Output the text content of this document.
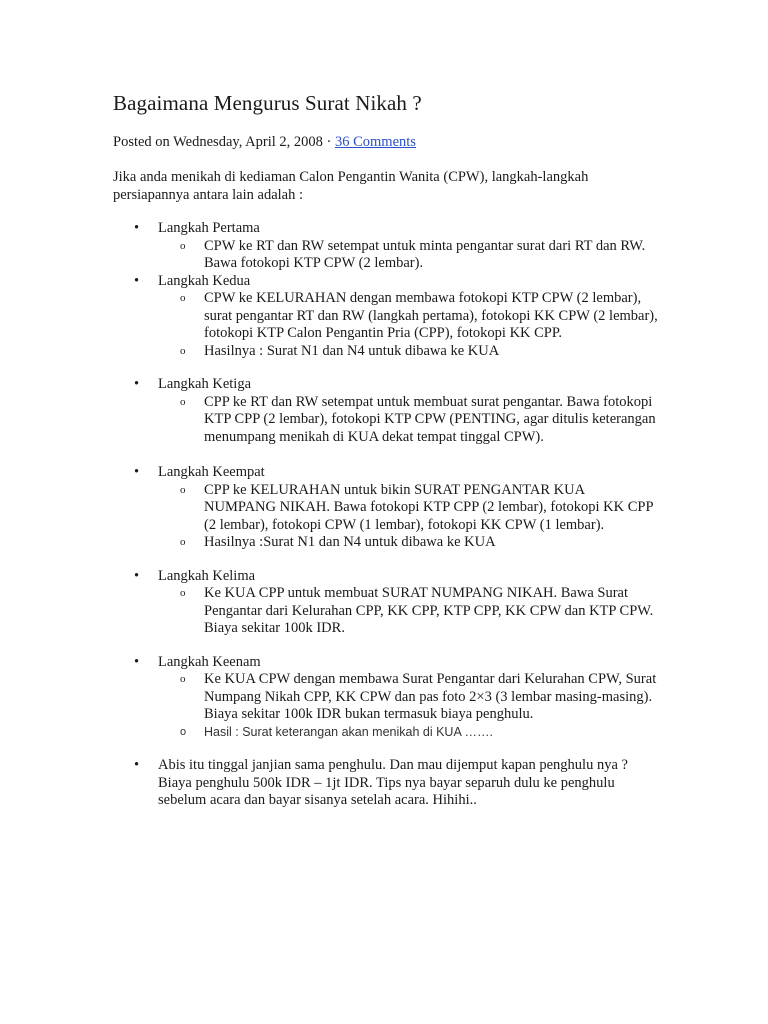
Bagaimana Mengurus Surat Nikah ?
Posted on Wednesday, April 2, 2008 · 36 Comments

Jika anda menikah di kediaman Calon Pengantin Wanita (CPW), langkah-langkah persiapannya antara lain adalah :

• Langkah Pertama
o CPW ke RT dan RW setempat untuk minta pengantar surat dari RT dan RW. Bawa fotokopi KTP CPW (2 lembar).
• Langkah Kedua
o CPW ke KELURAHAN dengan membawa fotokopi KTP CPW (2 lembar), surat pengantar RT dan RW (langkah pertama), fotokopi KK CPW (2 lembar), fotokopi KTP Calon Pengantin Pria (CPP), fotokopi KK CPP.
o Hasilnya : Surat N1 dan N4 untuk dibawa ke KUA
• Langkah Ketiga
o CPP ke RT dan RW setempat untuk membuat surat pengantar. Bawa fotokopi KTP CPP (2 lembar), fotokopi KTP CPW (PENTING, agar ditulis keterangan menumpang menikah di KUA dekat tempat tinggal CPW).
• Langkah Keempat
o CPP ke KELURAHAN untuk bikin SURAT PENGANTAR KUA NUMPANG NIKAH. Bawa fotokopi KTP CPP (2 lembar), fotokopi KK CPP (2 lembar), fotokopi CPW (1 lembar), fotokopi KK CPW (1 lembar).
o Hasilnya :Surat N1 dan N4 untuk dibawa ke KUA
• Langkah Kelima
o Ke KUA CPP untuk membuat SURAT NUMPANG NIKAH. Bawa Surat Pengantar dari Kelurahan CPP, KK CPP, KTP CPP, KK CPW dan KTP CPW. Biaya sekitar 100k IDR.
• Langkah Keenam
o Ke KUA CPW dengan membawa Surat Pengantar dari Kelurahan CPW, Surat Numpang Nikah CPP, KK CPW dan pas foto 2×3 (3 lembar masing-masing). Biaya sekitar 100k IDR bukan termasuk biaya penghulu.
o Hasil : Surat keterangan akan menikah di KUA …….
• Abis itu tinggal janjian sama penghulu. Dan mau dijemput kapan penghulu nya ? Biaya penghulu 500k IDR – 1jt IDR. Tips nya bayar separuh dulu ke penghulu sebelum acara dan bayar sisanya setelah acara. Hihihi..
